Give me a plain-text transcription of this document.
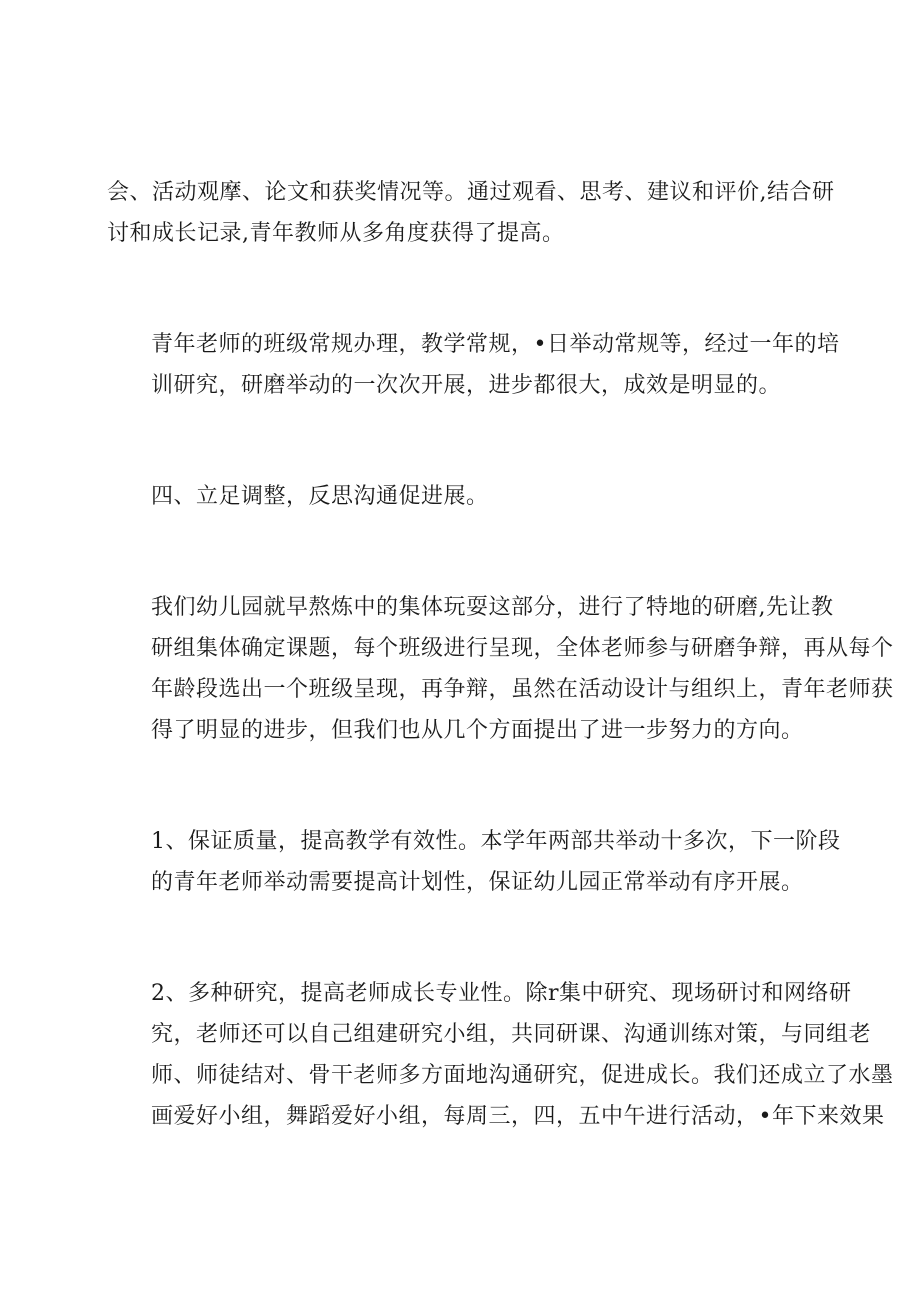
会、活动观摩、论文和获奖情况等。通过观看、思考、建议和评价,结合研
讨和成长记录,青年教师从多角度获得了提高。

青年老师的班级常规办理，教学常规，•日举动常规等，经过一年的培
训研究，研磨举动的一次次开展，进步都很大，成效是明显的。

四、立足调整，反思沟通促进展。

我们幼儿园就早熬炼中的集体玩耍这部分，进行了特地的研磨,先让教
研组集体确定课题，每个班级进行呈现，全体老师参与研磨争辩，再从每个
年龄段选出一个班级呈现，再争辩，虽然在活动设计与组织上，青年老师获
得了明显的进步，但我们也从几个方面提出了进一步努力的方向。

1、保证质量，提高教学有效性。本学年两部共举动十多次，下一阶段
的青年老师举动需要提高计划性，保证幼儿园正常举动有序开展。

2、多种研究，提高老师成长专业性。除r集中研究、现场研讨和网络研
究，老师还可以自己组建研究小组，共同研课、沟通训练对策，与同组老
师、师徒结对、骨干老师多方面地沟通研究，促进成长。我们还成立了水墨
画爱好小组，舞蹈爱好小组，每周三，四，五中午进行活动，•年下来效果
